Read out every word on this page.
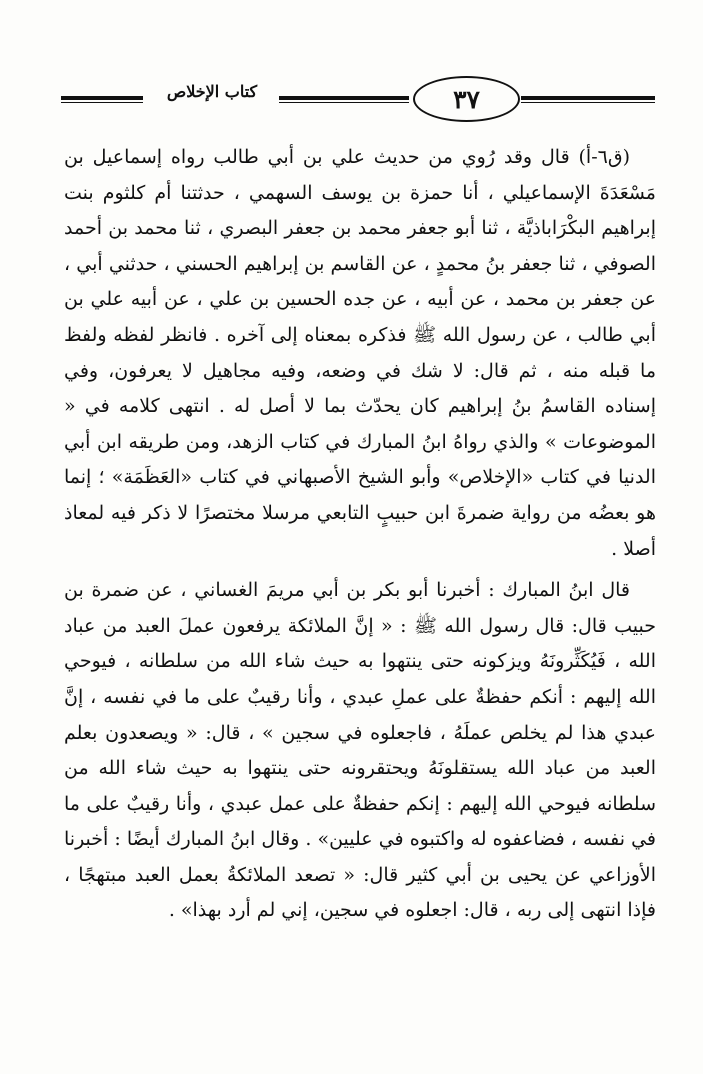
كتاب الإخلاص	٣٧

(ق٦-أ) قال وقد رُوي من حديث علي بن أبي طالب رواه إسماعيل بن مَسْعَدَةَ الإسماعيلي ، أنا حمزة بن يوسف السهمي ، حدثتنا أم كلثوم بنت إبراهيم البكْرَاباذيَّة ، ثنا أبو جعفر محمد بن جعفر البصري ، ثنا محمد بن أحمد الصوفي ، ثنا جعفر بنُ محمدٍ ، عن القاسم بن إبراهيم الحسني ، حدثني أبي ، عن جعفر بن محمد ، عن أبيه ، عن جده الحسين بن علي ، عن أبيه علي بن أبي طالب ، عن رسول الله ﷺ فذكره بمعناه إلى آخره . فانظر لفظه ولفظ ما قبله منه ، ثم قال: لا شك في وضعه، وفيه مجاهيل لا يعرفون، وفي إسناده القاسمُ بنُ إبراهيم كان يحدّث بما لا أصل له . انتهى كلامه في « الموضوعات » والذي رواهُ ابنُ المبارك في كتاب الزهد، ومن طريقه ابن أبي الدنيا في كتاب «الإخلاص» وأبو الشيخ الأصبهاني في كتاب «العَظَمَة» ؛ إنما هو بعضُه من رواية ضمرةَ ابن حبيبٍ التابعي مرسلا مختصرًا لا ذكر فيه لمعاذ أصلا .

قال ابنُ المبارك : أخبرنا أبو بكر بن أبي مريمَ الغساني ، عن ضمرة بن حبيب قال: قال رسول الله ﷺ : « إنَّ الملائكة يرفعون عملَ العبد من عباد الله ، فَيُكَثِّرونَهُ ويزكونه حتى ينتهوا به حيث شاء الله من سلطانه ، فيوحي الله إليهم : أنكم حفظةٌ على عملِ عبدي ، وأنا رقيبٌ على ما في نفسه ، إنَّ عبدي هذا لم يخلص عملَهُ ، فاجعلوه في سجين » ، قال: « ويصعدون بعلم العبد من عباد الله يستقلونَهُ ويحتقرونه حتى ينتهوا به حيث شاء الله من سلطانه فيوحي الله إليهم : إنكم حفظةٌ على عمل عبدي ، وأنا رقيبٌ على ما في نفسه ، فضاعفوه له واكتبوه في عليين» . وقال ابنُ المبارك أيضًا : أخبرنا الأوزاعي عن يحيى بن أبي كثير قال: « تصعد الملائكةُ بعمل العبد مبتهجًا ، فإذا انتهى إلى ربه ، قال: اجعلوه في سجين، إني لم أرد بهذا» .
